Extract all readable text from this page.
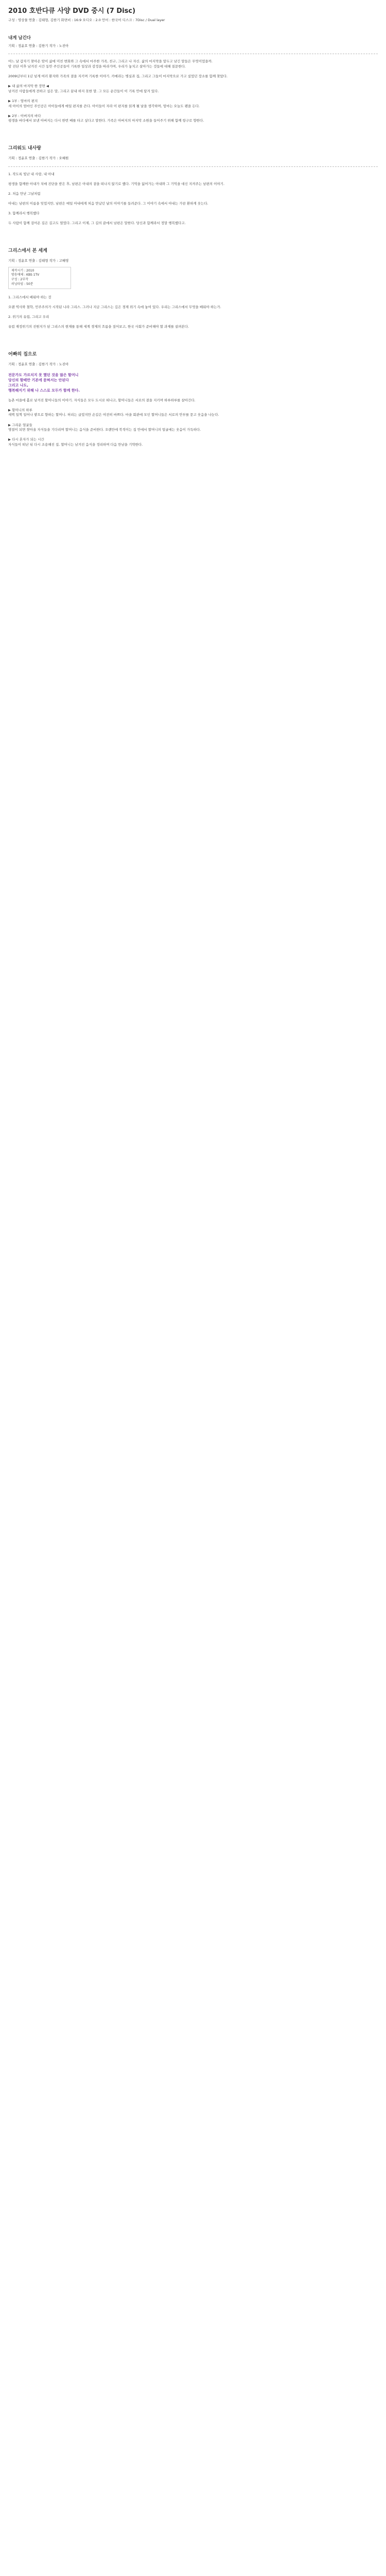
2010 호반다큐 사양 DVD 중시 (7 Disc)

구성 : 영상물 연출 : 김태형, 김한기 화면비 : 16:9 오디오 : 2.0 언어 : 한국어 디스크 : 7Disc / Dual layer

내게 남긴다

기획 : 정윤호 연출 : 김한기 작가 : 노진아

어느 날 갑자기 찾아온 암이 삶에 미친 변화와 그 속에서 마주한 가족, 친구, 그리고 나 자신. 삶의 마지막을 앞두고 남긴 말들은 무엇이었을까.
암 진단 이후 남겨진 시간 동안 주인공들이 기록한 일상과 감정을 따라가며, 우리가 놓치고 살아가는 것들에 대해 질문한다.

2009년부터 1년 넘게 여러 환자와 가족의 곁을 지키며 기록한 이야기. 카메라는 병실과 집, 그리고 그들이 마지막으로 가고 싶었던 장소를 함께 찾았다.

▶ 내 삶의 마지막 한 장면 ◀
남겨진 사람들에게 전하고 싶은 말, 그리고 끝내 하지 못한 말. 그 모든 순간들이 이 기록 안에 담겨 있다.

▶ 1부 : 엄마의 편지
세 아이의 엄마인 주인공은 아이들에게 매일 편지를 쓴다. 아이들이 자라 이 편지를 읽게 될 날을 생각하며, 엄마는 오늘도 펜을 든다.

▶ 2부 : 아버지의 바다
평생을 바다에서 보낸 아버지는 다시 한번 배를 타고 싶다고 말한다. 가족은 아버지의 마지막 소원을 들어주기 위해 함께 항구로 향한다.

그리워도 내사랑

기획 : 정윤호 연출 : 김한기 작가 : 오혜원

1. 작도록 빛난 내 사랑, 내 아내

평생을 함께한 아내가 치매 진단을 받은 후, 남편은 아내의 곁을 떠나지 않기로 했다. 기억을 잃어가는 아내와 그 기억을 대신 지켜주는 남편의 이야기.

2. 처음 만난 그날처럼

아내는 남편의 이름을 잊었지만, 남편은 매일 아내에게 처음 만났던 날의 이야기를 들려준다. 그 이야기 속에서 아내는 가끔 환하게 웃는다.

3. 함께라서 행복했다

두 사람이 함께 걸어온 길은 길고도 멀었다. 그리고 이제, 그 길의 끝에서 남편은 말한다. 당신과 함께라서 정말 행복했다고.

그리스에서 본 세계

기획 : 정윤호 연출 : 김태형 작가 : 고혜영

제작시기 : 2010
방송매체 : KBS 1TV
구성 : 2부작
러닝타임 : 50분

1. 그리스에서 배워야 하는 것

오랜 역사와 철학, 민주주의가 시작된 나라 그리스. 그러나 지금 그리스는 깊은 경제 위기 속에 놓여 있다. 우리는 그리스에서 무엇을 배워야 하는가.

2. 위기의 유럽, 그리고 우리

유럽 재정위기의 진원지가 된 그리스의 현재를 통해 세계 경제의 흐름을 짚어보고, 한국 사회가 준비해야 할 과제를 살펴본다.

어빠의 집으로

기획 : 정윤호 연출 : 김한기 작가 : 노진아

전문가도 가르치지 못 했던 것을 많은 할머니
당신의 할배만 기본에 묻혀서는 안된다
그리고 나도,
행복해지기 위해 나 스스로 모두가 함께 한다.

농촌 마을에 홀로 남겨진 할머니들의 이야기. 자식들은 모두 도시로 떠나고, 할머니들은 서로의 곁을 지키며 하루하루를 살아간다.

▶ 할머니의 하루
새벽 일찍 일어나 밭으로 향하는 할머니. 허리는 굽었지만 손길은 여전히 바쁘다. 마을 회관에 모인 할머니들은 서로의 안부를 묻고 웃음을 나눈다.

▶ 그리운 얼굴들
명절이 되면 찾아올 자식들을 기다리며 할머니는 음식을 준비한다. 오랜만에 북적이는 집 안에서 할머니의 얼굴에는 웃음이 가득하다.

▶ 다시 혼자가 되는 시간
자식들이 떠난 뒤 다시 조용해진 집. 할머니는 남겨진 음식을 정리하며 다음 만남을 기약한다.
